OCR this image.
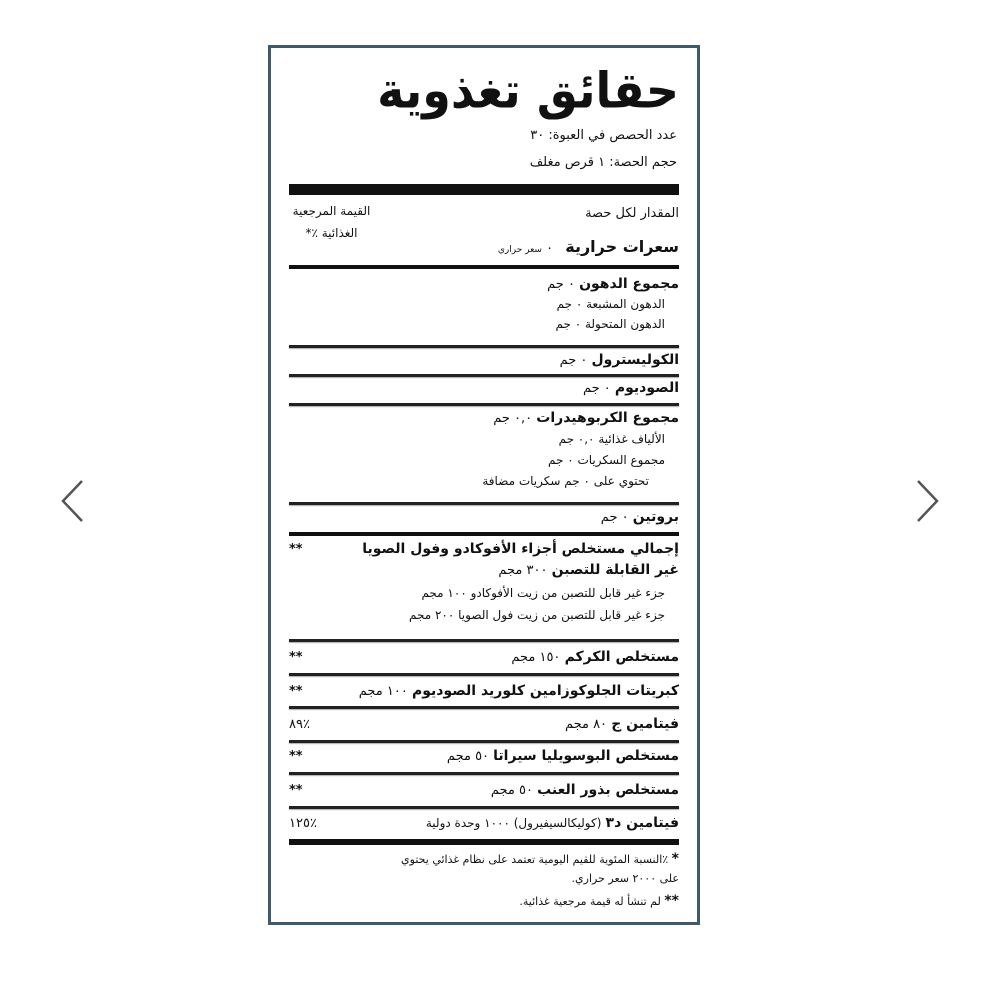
حقائق تغذوية
عدد الحصص في العبوة: ٣٠
حجم الحصة: ١ قرص مغلف
المقدار لكل حصة
القيمة المرجعية
الغذائية ٪*
سعرات حرارية ٠ سعر حراري
مجموع الدهون ٠ جم
الدهون المشبعة ٠ جم
الدهون المتحولة ٠ جم
الكوليسترول ٠ جم
الصوديوم ٠ جم
مجموع الكربوهيدرات ٠,٠ جم
الألياف غذائية ٠,٠ جم
مجموع السكريات ٠ جم
تحتوي على ٠ جم سكريات مضافة
بروتين ٠ جم
إجمالي مستخلص أجزاء الأفوكادو وفول الصويا
**
غير القابلة للتصبن ٣٠٠ مجم
جزء غير قابل للتصبن من زيت الأفوكادو ١٠٠ مجم
جزء غير قابل للتصبن من زيت فول الصويا ٢٠٠ مجم
مستخلص الكركم ١٥٠ مجم
**
كبريتات الجلوكوزامين كلوريد الصوديوم ١٠٠ مجم
**
فيتامين ج ٨٠ مجم
٪٨٩
مستخلص البوسويليا سيراتا ٥٠ مجم
**
مستخلص بذور العنب ٥٠ مجم
**
فيتامين د٣ (كوليكالسيفيرول) ١٠٠٠ وحدة دولية
٪١٢٥
* ٪النسبة المئوية للقيم اليومية تعتمد على نظام غذائي يحتوي
على ٢٠٠٠ سعر حراري.
** لم تنشأ له قيمة مرجعية غذائية.
